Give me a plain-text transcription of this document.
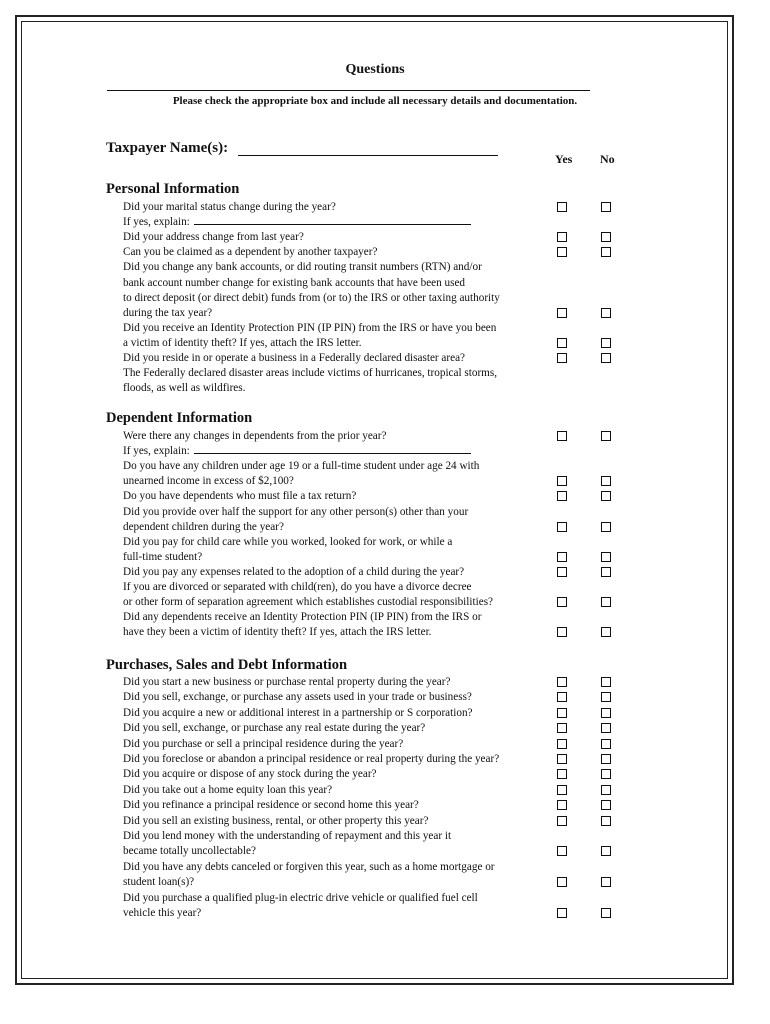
Questions
Please check the appropriate box and include all necessary details and documentation.
Taxpayer Name(s):
Yes No
Personal Information
Did your marital status change during the year?
If yes, explain:
Did your address change from last year?
Can you be claimed as a dependent by another taxpayer?
Did you change any bank accounts, or did routing transit numbers (RTN) and/or
bank account number change for existing bank accounts that have been used
to direct deposit (or direct debit) funds from (or to) the IRS or other taxing authority
during the tax year?
Did you receive an Identity Protection PIN (IP PIN) from the IRS or have you been
a victim of identity theft? If yes, attach the IRS letter.
Did you reside in or operate a business in a Federally declared disaster area?
The Federally declared disaster areas include victims of hurricanes, tropical storms,
floods, as well as wildfires.
Dependent Information
Were there any changes in dependents from the prior year?
If yes, explain:
Do you have any children under age 19 or a full-time student under age 24 with
unearned income in excess of $2,100?
Do you have dependents who must file a tax return?
Did you provide over half the support for any other person(s) other than your
dependent children during the year?
Did you pay for child care while you worked, looked for work, or while a
full-time student?
Did you pay any expenses related to the adoption of a child during the year?
If you are divorced or separated with child(ren), do you have a divorce decree
or other form of separation agreement which establishes custodial responsibilities?
Did any dependents receive an Identity Protection PIN (IP PIN) from the IRS or
have they been a victim of identity theft? If yes, attach the IRS letter.
Purchases, Sales and Debt Information
Did you start a new business or purchase rental property during the year?
Did you sell, exchange, or purchase any assets used in your trade or business?
Did you acquire a new or additional interest in a partnership or S corporation?
Did you sell, exchange, or purchase any real estate during the year?
Did you purchase or sell a principal residence during the year?
Did you foreclose or abandon a principal residence or real property during the year?
Did you acquire or dispose of any stock during the year?
Did you take out a home equity loan this year?
Did you refinance a principal residence or second home this year?
Did you sell an existing business, rental, or other property this year?
Did you lend money with the understanding of repayment and this year it
became totally uncollectable?
Did you have any debts canceled or forgiven this year, such as a home mortgage or
student loan(s)?
Did you purchase a qualified plug-in electric drive vehicle or qualified fuel cell
vehicle this year?
